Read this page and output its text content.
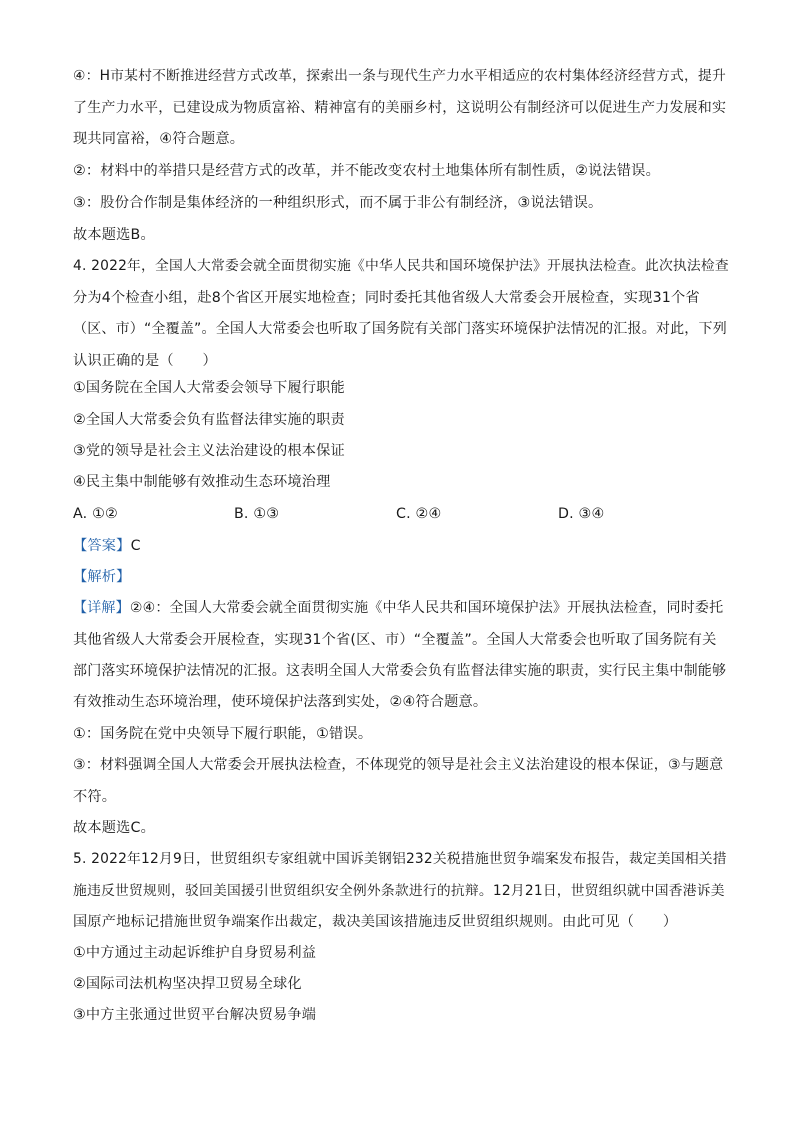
④：H市某村不断推进经营方式改革，探索出一条与现代生产力水平相适应的农村集体经济经营方式，提升
了生产力水平，已建设成为物质富裕、精神富有的美丽乡村，这说明公有制经济可以促进生产力发展和实
现共同富裕，④符合题意。
②：材料中的举措只是经营方式的改革，并不能改变农村土地集体所有制性质，②说法错误。
③：股份合作制是集体经济的一种组织形式，而不属于非公有制经济，③说法错误。
故本题选B。
4. 2022年，全国人大常委会就全面贯彻实施《中华人民共和国环境保护法》开展执法检查。此次执法检查
分为4个检查小组，赴8个省区开展实地检查；同时委托其他省级人大常委会开展检查，实现31个省
（区、市）“全覆盖”。全国人大常委会也听取了国务院有关部门落实环境保护法情况的汇报。对此，下列
认识正确的是（　　）
①国务院在全国人大常委会领导下履行职能
②全国人大常委会负有监督法律实施的职责
③党的领导是社会主义法治建设的根本保证
④民主集中制能够有效推动生态环境治理
A. ①②	B. ①③	C. ②④	D. ③④
【答案】C
【解析】
【详解】②④：全国人大常委会就全面贯彻实施《中华人民共和国环境保护法》开展执法检查，同时委托
其他省级人大常委会开展检查，实现31个省(区、市）“全覆盖”。全国人大常委会也听取了国务院有关
部门落实环境保护法情况的汇报。这表明全国人大常委会负有监督法律实施的职责，实行民主集中制能够
有效推动生态环境治理，使环境保护法落到实处，②④符合题意。
①：国务院在党中央领导下履行职能，①错误。
③：材料强调全国人大常委会开展执法检查，不体现党的领导是社会主义法治建设的根本保证，③与题意
不符。
故本题选C。
5. 2022年12月9日，世贸组织专家组就中国诉美钢铝232关税措施世贸争端案发布报告，裁定美国相关措
施违反世贸规则，驳回美国援引世贸组织安全例外条款进行的抗辩。12月21日，世贸组织就中国香港诉美
国原产地标记措施世贸争端案作出裁定，裁决美国该措施违反世贸组织规则。由此可见（　　）
①中方通过主动起诉维护自身贸易利益
②国际司法机构坚决捍卫贸易全球化
③中方主张通过世贸平台解决贸易争端
